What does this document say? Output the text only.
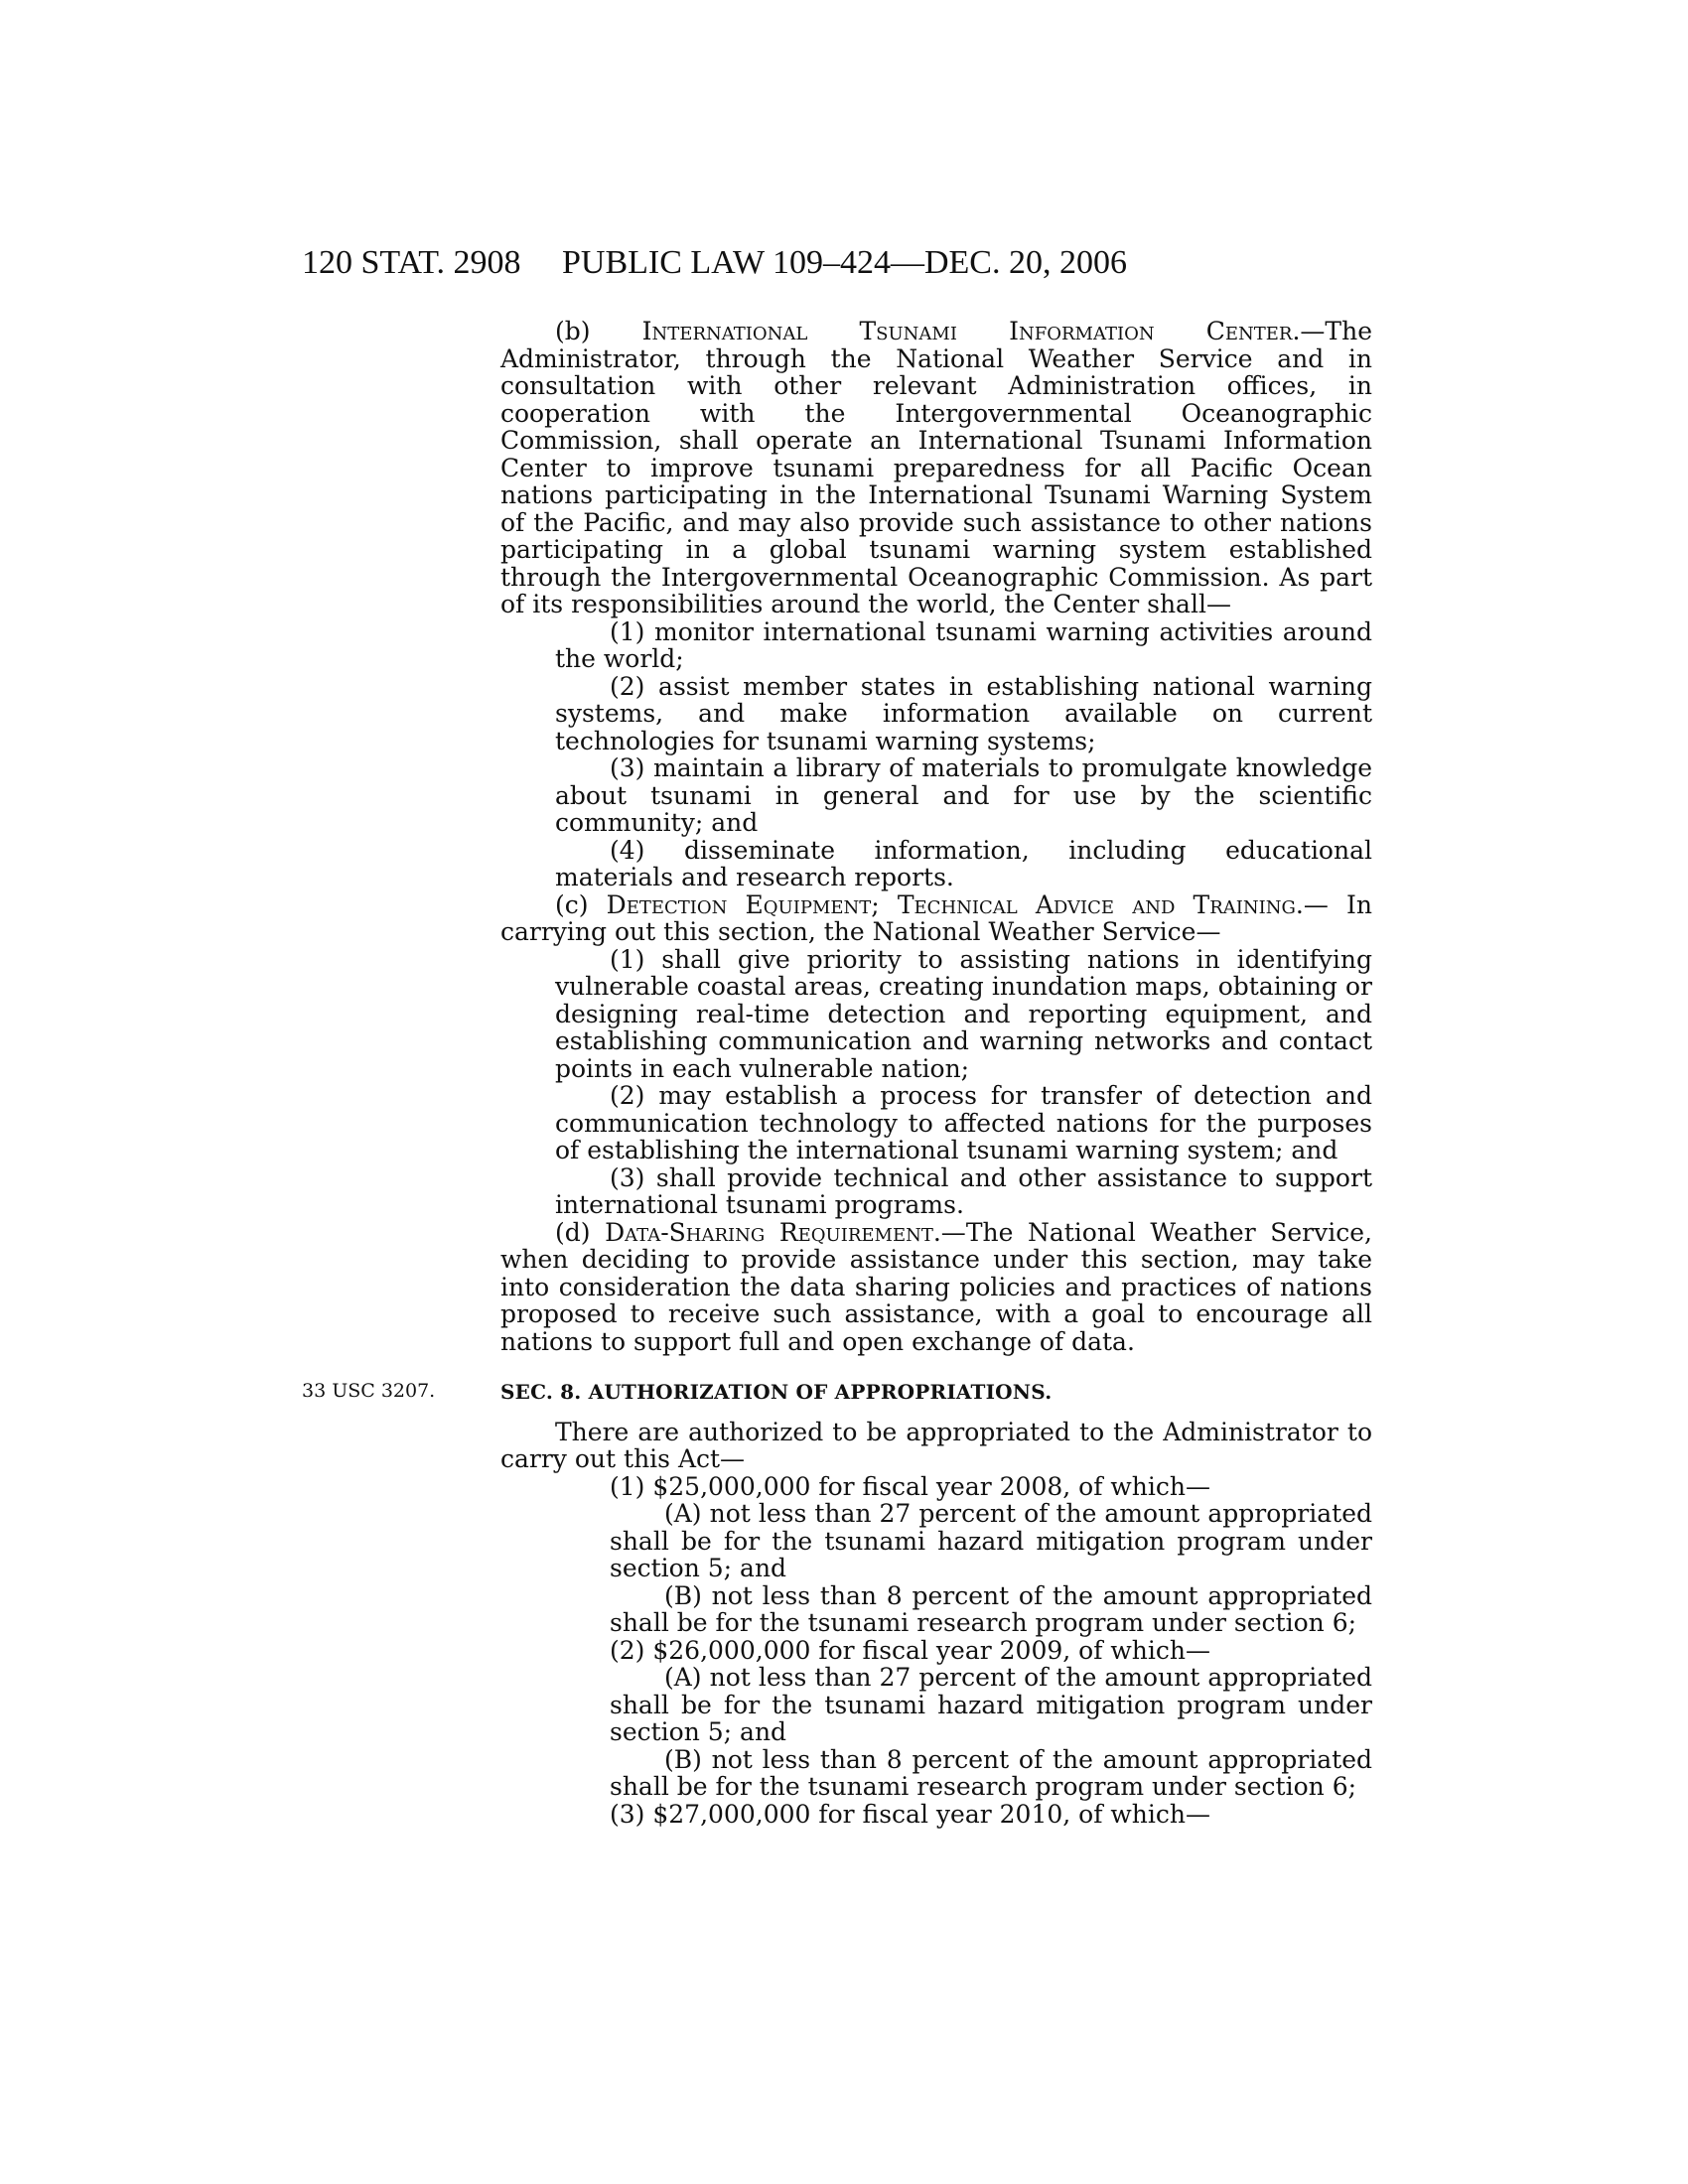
120 STAT. 2908 PUBLIC LAW 109–424—DEC. 20, 2006
33 USC 3207.

(b) International Tsunami Information Center.—The Administrator, through the National Weather Service and in consultation with other relevant Administration offices, in cooperation with the Intergovernmental Oceanographic Commission, shall operate an International Tsunami Information Center to improve tsunami preparedness for all Pacific Ocean nations participating in the International Tsunami Warning System of the Pacific, and may also provide such assistance to other nations participating in a global tsunami warning system established through the Intergovernmental Oceanographic Commission. As part of its responsibilities around the world, the Center shall—

(1) monitor international tsunami warning activities around the world;

(2) assist member states in establishing national warning systems, and make information available on current technologies for tsunami warning systems;

(3) maintain a library of materials to promulgate knowledge about tsunami in general and for use by the scientific community; and

(4) disseminate information, including educational materials and research reports.

(c) Detection Equipment; Technical Advice and Training.— In carrying out this section, the National Weather Service—

(1) shall give priority to assisting nations in identifying vulnerable coastal areas, creating inundation maps, obtaining or designing real-time detection and reporting equipment, and establishing communication and warning networks and contact points in each vulnerable nation;

(2) may establish a process for transfer of detection and communication technology to affected nations for the purposes of establishing the international tsunami warning system; and

(3) shall provide technical and other assistance to support international tsunami programs.

(d) Data-Sharing Requirement.—The National Weather Service, when deciding to provide assistance under this section, may take into consideration the data sharing policies and practices of nations proposed to receive such assistance, with a goal to encourage all nations to support full and open exchange of data.

SEC. 8. AUTHORIZATION OF APPROPRIATIONS.

There are authorized to be appropriated to the Administrator to carry out this Act—

(1) $25,000,000 for fiscal year 2008, of which—

(A) not less than 27 percent of the amount appropriated shall be for the tsunami hazard mitigation program under section 5; and

(B) not less than 8 percent of the amount appropriated shall be for the tsunami research program under section 6;

(2) $26,000,000 for fiscal year 2009, of which—

(A) not less than 27 percent of the amount appropriated shall be for the tsunami hazard mitigation program under section 5; and

(B) not less than 8 percent of the amount appropriated shall be for the tsunami research program under section 6;

(3) $27,000,000 for fiscal year 2010, of which—
